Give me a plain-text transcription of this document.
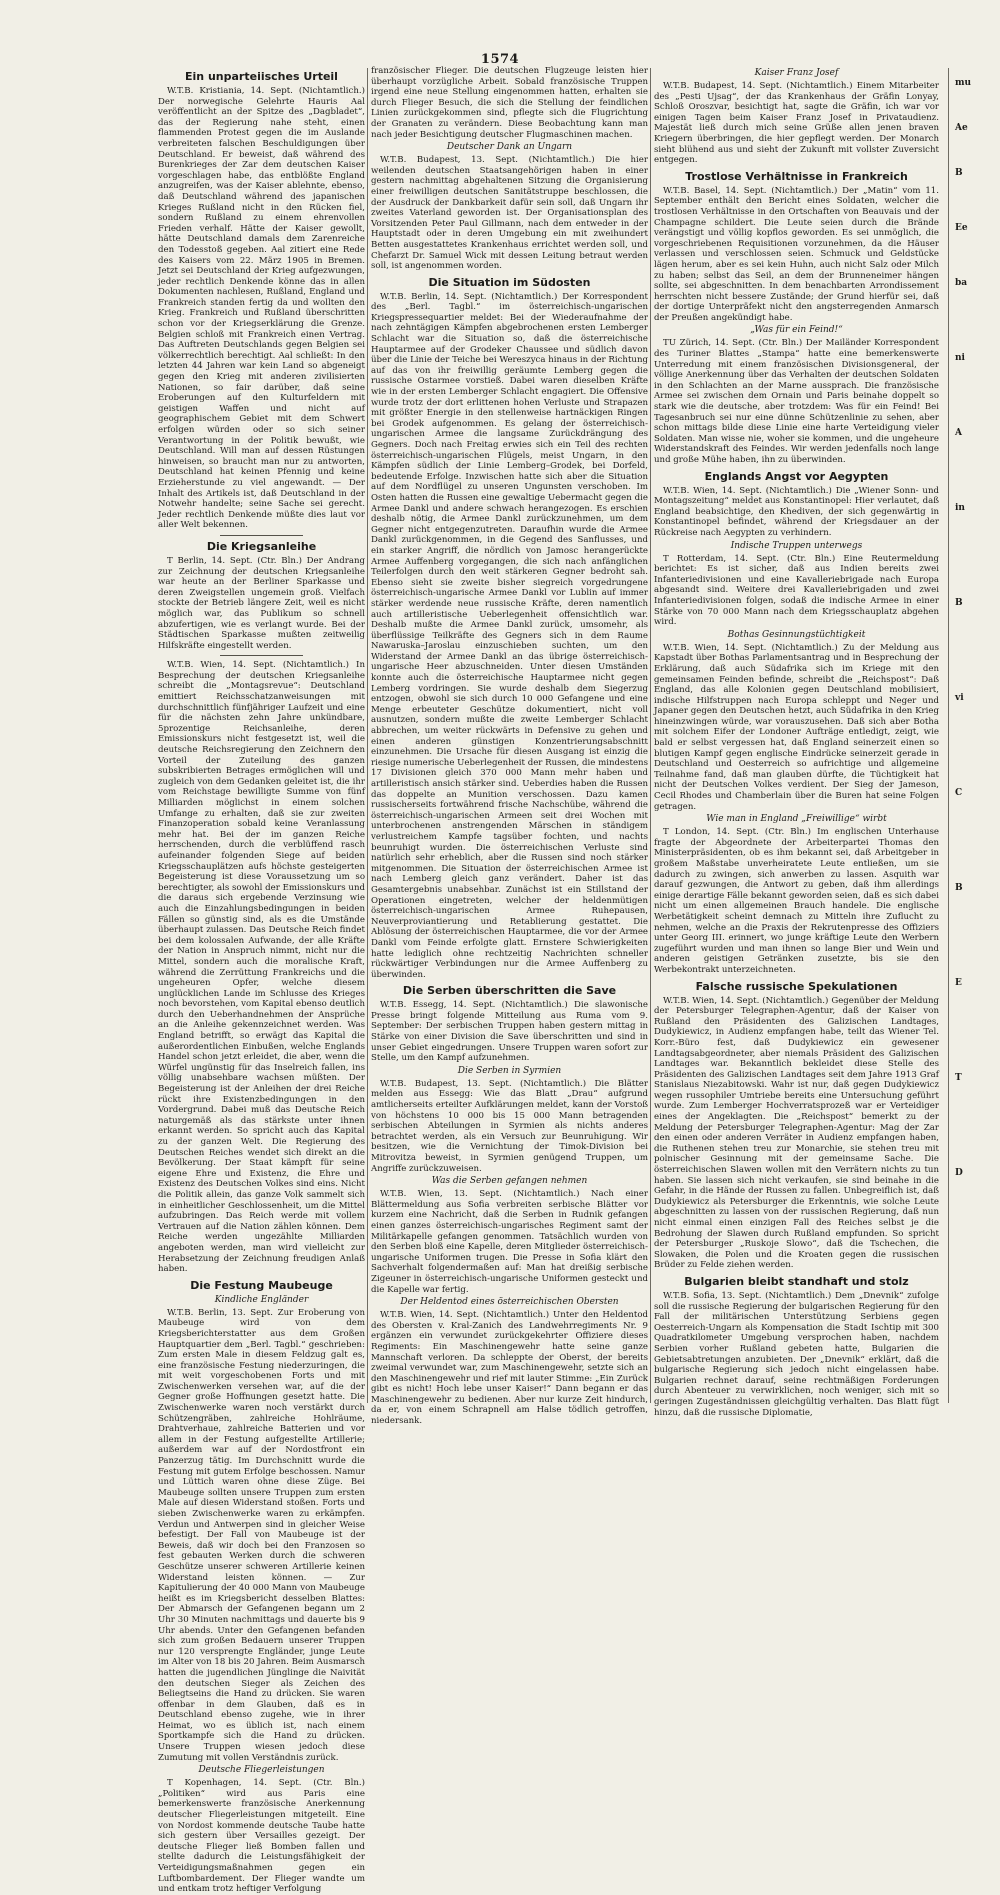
1574
Ein unparteiisches Urteil

W.T.B. Kristiania, 14. Sept. (Nichtamtlich.) Der norwegische Gelehrte Hauris Aal veröffentlicht an der Spitze des „Dagbladet“, das der Regierung nahe steht, einen flammenden Protest gegen die im Auslande verbreiteten falschen Beschuldigungen über Deutschland. Er beweist, daß während des Burenkrieges der Zar dem deutschen Kaiser vorgeschlagen habe, das entblößte England anzugreifen, was der Kaiser ablehnte, ebenso, daß Deutschland während des japanischen Krieges Rußland nicht in den Rücken fiel, sondern Rußland zu einem ehrenvollen Frieden verhalf. Hätte der Kaiser gewollt, hätte Deutschland damals dem Zarenreiche den Todesstoß gegeben. Aal zitiert eine Rede des Kaisers vom 22. März 1905 in Bremen. Jetzt sei Deutschland der Krieg aufgezwungen, jeder rechtlich Denkende könne das in allen Dokumenten nachlesen, Rußland, England und Frankreich standen fertig da und wollten den Krieg. Frankreich und Rußland überschritten schon vor der Kriegserklärung die Grenze. Belgien schloß mit Frankreich einen Vertrag. Das Auftreten Deutschlands gegen Belgien sei völkerrechtlich berechtigt. Aal schließt: In den letzten 44 Jahren war kein Land so abgeneigt gegen den Krieg mit anderen zivilisierten Nationen, so fair darüber, daß seine Eroberungen auf den Kulturfeldern mit geistigen Waffen und nicht auf geographischem Gebiet mit dem Schwert erfolgen würden oder so sich seiner Verantwortung in der Politik bewußt, wie Deutschland. Will man auf dessen Rüstungen hinweisen, so braucht man nur zu antworten, Deutschland hat keinen Pfennig und keine Erzieherstunde zu viel angewandt. — Der Inhalt des Artikels ist, daß Deutschland in der Notwehr handelte; seine Sache sei gerecht. Jeder rechtlich Denkende müßte dies laut vor aller Welt bekennen.

Die Kriegsanleihe

T Berlin, 14. Sept. (Ctr. Bln.) Der Andrang zur Zeichnung der deutschen Kriegsanleihe war heute an der Berliner Sparkasse und deren Zweigstellen ungemein groß. Vielfach stockte der Betrieb längere Zeit, weil es nicht möglich war, das Publikum so schnell abzufertigen, wie es verlangt wurde. Bei der Städtischen Sparkasse mußten zeitweilig Hilfskräfte eingestellt werden.

W.T.B. Wien, 14. Sept. (Nichtamtlich.) In Besprechung der deutschen Kriegsanleihe schreibt die „Montagsrevue“: Deutschland emittiert Reichsschatzanweisungen mit durchschnittlich fünfjähriger Laufzeit und eine für die nächsten zehn Jahre unkündbare, 5prozentige Reichsanleihe, deren Emissionskurs nicht festgesetzt ist, weil die deutsche Reichsregierung den Zeichnern den Vorteil der Zuteilung des ganzen subskribierten Betrages ermöglichen will und zugleich von dem Gedanken geleitet ist, die ihr vom Reichstage bewilligte Summe von fünf Milliarden möglichst in einem solchen Umfange zu erhalten, daß sie zur zweiten Finanzoperation sobald keine Veranlassung mehr hat. Bei der im ganzen Reiche herrschenden, durch die verblüffend rasch aufeinander folgenden Siege auf beiden Kriegsschauplätzen aufs höchste gesteigerten Begeisterung ist diese Voraussetzung um so berechtigter, als sowohl der Emissionskurs und die daraus sich ergebende Verzinsung wie auch die Einzahlungsbedingungen in beiden Fällen so günstig sind, als es die Umstände überhaupt zulassen. Das Deutsche Reich findet bei dem kolossalen Aufwande, der alle Kräfte der Nation in Anspruch nimmt, nicht nur die Mittel, sondern auch die moralische Kraft, während die Zerrüttung Frankreichs und die ungeheuren Opfer, welche diesem unglücklichen Lande im Schlusse des Krieges noch bevorstehen, vom Kapital ebenso deutlich durch den Ueberhandnehmen der Ansprüche an die Anleihe gekennzeichnet werden. Was England betrifft, so erwägt das Kapital die außerordentlichen Einbußen, welche Englands Handel schon jetzt erleidet, die aber, wenn die Würfel ungünstig für das Inselreich fallen, ins völlig unabsehbare wachsen müßten. Der Begeisterung ist der Anleihen der drei Reiche rückt ihre Existenzbedingungen in den Vordergrund. Dabei muß das Deutsche Reich naturgemäß als das stärkste unter ihnen erkannt werden. So spricht auch das Kapital zu der ganzen Welt. Die Regierung des Deutschen Reiches wendet sich direkt an die Bevölkerung. Der Staat kämpft für seine eigene Ehre und Existenz, die Ehre und Existenz des Deutschen Volkes sind eins. Nicht die Politik allein, das ganze Volk sammelt sich in einheitlicher Geschlossenheit, um die Mittel aufzubringen. Das Reich werde mit vollem Vertrauen auf die Nation zählen können. Dem Reiche werden ungezählte Milliarden angeboten werden, man wird vielleicht zur Herabsetzung der Zeichnung freudigen Anlaß haben.

Die Festung Maubeuge
Kindliche Engländer

W.T.B. Berlin, 13. Sept. Zur Eroberung von Maubeuge wird von dem Kriegsberichterstatter aus dem Großen Hauptquartier dem „Berl. Tagbl.“ geschrieben: Zum ersten Male in diesem Feldzug galt es, eine französische Festung niederzuringen, die mit weit vorgeschobenen Forts und mit Zwischenwerken versehen war, auf die der Gegner große Hoffnungen gesetzt hatte. Die Zwischenwerke waren noch verstärkt durch Schützengräben, zahlreiche Hohlräume, Drahtverhaue, zahlreiche Batterien und vor allem in der Festung aufgestellte Artillerie; außerdem war auf der Nordostfront ein Panzerzug tätig. Im Durchschnitt wurde die Festung mit gutem Erfolge beschossen. Namur und Lüttich waren ohne diese Züge. Bei Maubeuge sollten unsere Truppen zum ersten Male auf diesen Widerstand stoßen. Forts und sieben Zwischenwerke waren zu erkämpfen. Verdun und Antwerpen sind in gleicher Weise befestigt. Der Fall von Maubeuge ist der Beweis, daß wir doch bei den Franzosen so fest gebauten Werken durch die schweren Geschütze unserer schweren Artillerie keinen Widerstand leisten können. — Zur Kapitulierung der 40 000 Mann von Maubeuge heißt es im Kriegsbericht desselben Blattes: Der Abmarsch der Gefangenen begann um 2 Uhr 30 Minuten nachmittags und dauerte bis 9 Uhr abends. Unter den Gefangenen befanden sich zum großen Bedauern unserer Truppen nur 120 versprengte Engländer, junge Leute im Alter von 18 bis 20 Jahren. Beim Ausmarsch hatten die jugendlichen Jünglinge die Naivität den deutschen Sieger als Zeichen des Beliegtseins die Hand zu drücken. Sie waren offenbar in dem Glauben, daß es in Deutschland ebenso zugehe, wie in ihrer Heimat, wo es üblich ist, nach einem Sportkampfe sich die Hand zu drücken. Unsere Truppen wiesen jedoch diese Zumutung mit vollen Verständnis zurück.

Deutsche Fliegerleistungen

T Kopenhagen, 14. Sept. (Ctr. Bln.) „Politiken“ wird aus Paris eine bemerkenswerte französische Anerkennung deutscher Fliegerleistungen mitgeteilt. Eine von Nordost kommende deutsche Taube hatte sich gestern über Versailles gezeigt. Der deutsche Flieger ließ Bomben fallen und stellte dadurch die Leistungsfähigkeit der Verteidigungsmaßnahmen gegen ein Luftbombardement. Der Flieger wandte um und entkam trotz heftiger Verfolgung

französischer Flieger. Die deutschen Flugzeuge leisten hier überhaupt vorzügliche Arbeit. Sobald französische Truppen irgend eine neue Stellung eingenommen hatten, erhalten sie durch Flieger Besuch, die sich die Stellung der feindlichen Linien zurückgekommen sind, pflegte sich die Flugrichtung der Granaten zu verändern. Diese Beobachtung kann man nach jeder Besichtigung deutscher Flugmaschinen machen.

Deutscher Dank an Ungarn

W.T.B. Budapest, 13. Sept. (Nichtamtlich.) Die hier weilenden deutschen Staatsangehörigen haben in einer gestern nachmittag abgehaltenen Sitzung die Organisierung einer freiwilligen deutschen Sanitätstruppe beschlossen, die der Ausdruck der Dankbarkeit dafür sein soll, daß Ungarn ihr zweites Vaterland geworden ist. Der Organisationsplan des Vorsitzenden Peter Paul Gillmann, nach dem entweder in der Hauptstadt oder in deren Umgebung ein mit zweihundert Betten ausgestattetes Krankenhaus errichtet werden soll, und Chefarzt Dr. Samuel Wick mit dessen Leitung betraut werden soll, ist angenommen worden.

Die Situation im Südosten

W.T.B. Berlin, 14. Sept. (Nichtamtlich.) Der Korrespondent des „Berl. Tagbl.“ im österreichisch-ungarischen Kriegspressequartier meldet: Bei der Wiederaufnahme der nach zehntägigen Kämpfen abgebrochenen ersten Lemberger Schlacht war die Situation so, daß die österreichische Hauptarmee auf der Grodeker Chaussee und südlich davon über die Linie der Teiche bei Wereszyca hinaus in der Richtung auf das von ihr freiwillig geräumte Lemberg gegen die russische Ostarmee vorstieß. Dabei waren dieselben Kräfte wie in der ersten Lemberger Schlacht engagiert. Die Offensive wurde trotz der dort erlittenen hohen Verluste und Strapazen mit größter Energie in den stellenweise hartnäckigen Ringen bei Grodek aufgenommen. Es gelang der österreichisch-ungarischen Armee die langsame Zurückdrängung des Gegners. Doch nach Freitag erwies sich ein Teil des rechten österreichisch-ungarischen Flügels, meist Ungarn, in den Kämpfen südlich der Linie Lemberg–Grodek, bei Dorfeld, bedeutende Erfolge. Inzwischen hatte sich aber die Situation auf dem Nordflügel zu unseren Ungunsten verschoben. Im Osten hatten die Russen eine gewaltige Uebermacht gegen die Armee Dankl und andere schwach herangezogen. Es erschien deshalb nötig, die Armee Dankl zurückzunehmen, um dem Gegner nicht entgegenzutreten. Daraufhin wurde die Armee Dankl zurückgenommen, in die Gegend des Sanflusses, und ein starker Angriff, die nördlich von Jamosc herangerückte Armee Auffenberg vorgegangen, die sich nach anfänglichen Teilerfolgen durch den weit stärkeren Gegner bedroht sah. Ebenso sieht sie zweite bisher siegreich vorgedrungene österreichisch-ungarische Armee Dankl vor Lublin auf immer stärker werdende neue russische Kräfte, deren namentlich auch artilleristische Ueberlegenheit offensichtlich war. Deshalb mußte die Armee Dankl zurück, umsomehr, als überflüssige Teilkräfte des Gegners sich in dem Raume Nawaruska–Jaroslau einzuschieben suchten, um den Widerstand der Armee Dankl an das übrige österreichisch-ungarische Heer abzuschneiden. Unter diesen Umständen konnte auch die österreichische Hauptarmee nicht gegen Lemberg vordringen. Sie wurde deshalb dem Siegerzug entzogen, obwohl sie sich durch 10 000 Gefangene und eine Menge erbeuteter Geschütze dokumentiert, nicht voll ausnutzen, sondern mußte die zweite Lemberger Schlacht abbrechen, um weiter rückwärts in Defensive zu gehen und einen anderen günstigen Konzentrierungsabschnitt einzunehmen. Die Ursache für diesen Ausgang ist einzig die riesige numerische Ueberlegenheit der Russen, die mindestens 17 Divisionen gleich 370 000 Mann mehr haben und artilleristisch ansich stärker sind. Ueberdies haben die Russen das doppelte an Munition verschossen. Dazu kamen russischerseits fortwährend frische Nachschübe, während die österreichisch-ungarischen Armeen seit drei Wochen mit unterbrochenen anstrengenden Märschen in ständigem verlustreichem Kampfe tagsüber fochten, und nachts beunruhigt wurden. Die österreichischen Verluste sind natürlich sehr erheblich, aber die Russen sind noch stärker mitgenommen. Die Situation der österreichischen Armee ist nach Lemberg gleich ganz verändert. Daher ist das Gesamtergebnis unabsehbar. Zunächst ist ein Stillstand der Operationen eingetreten, welcher der heldenmütigen österreichisch-ungarischen Armee Ruhepausen, Neuverproviantierung und Retablierung gestattet. Die Ablösung der österreichischen Hauptarmee, die vor der Armee Dankl vom Feinde erfolgte glatt. Ernstere Schwierigkeiten hatte lediglich ohne rechtzeitig Nachrichten schneller rückwärtiger Verbindungen nur die Armee Auffenberg zu überwinden.

Die Serben überschritten die Save

W.T.B. Essegg, 14. Sept. (Nichtamtlich.) Die slawonische Presse bringt folgende Mitteilung aus Ruma vom 9. September: Der serbischen Truppen haben gestern mittag in Stärke von einer Division die Save überschritten und sind in unser Gebiet eingedrungen. Unsere Truppen waren sofort zur Stelle, um den Kampf aufzunehmen.

Die Serben in Syrmien

W.T.B. Budapest, 13. Sept. (Nichtamtlich.) Die Blätter melden aus Essegg: Wie das Blatt „Drau“ aufgrund amtlicherseits erteilter Aufklärungen meldet, kann der Vorstoß von höchstens 10 000 bis 15 000 Mann betragenden serbischen Abteilungen in Syrmien als nichts anderes betrachtet werden, als ein Versuch zur Beunruhigung. Wir besitzen, wie die Vernichtung der Timok-Division bei Mitrovitza beweist, in Syrmien genügend Truppen, um Angriffe zurückzuweisen.

Was die Serben gefangen nehmen

W.T.B. Wien, 13. Sept. (Nichtamtlich.) Nach einer Blättermeldung aus Sofia verbreiten serbische Blätter vor kurzem eine Nachricht, daß die Serben in Rudnik gefangen einen ganzes österreichisch-ungarisches Regiment samt der Militärkapelle gefangen genommen. Tatsächlich wurden von den Serben bloß eine Kapelle, deren Mitglieder österreichisch-ungarische Uniformen trugen. Die Presse in Sofia klärt den Sachverhalt folgendermaßen auf: Man hat dreißig serbische Zigeuner in österreichisch-ungarische Uniformen gesteckt und die Kapelle war fertig.

Der Heldentod eines österreichischen Obersten

W.T.B. Wien, 14. Sept. (Nichtamtlich.) Unter den Heldentod des Obersten v. Kral-Zanich des Landwehrregiments Nr. 9 ergänzen ein verwundet zurückgekehrter Offiziere dieses Regiments: Ein Maschinengewehr hatte seine ganze Mannschaft verloren. Da schleppte der Oberst, der bereits zweimal verwundet war, zum Maschinengewehr, setzte sich an den Maschinengewehr und rief mit lauter Stimme: „Ein Zurück gibt es nicht! Hoch lebe unser Kaiser!“ Dann begann er das Maschinengewehr zu bedienen. Aber nur kurze Zeit hindurch, da er, von einem Schrapnell am Halse tödlich getroffen, niedersank.

Kaiser Franz Josef

W.T.B. Budapest, 14. Sept. (Nichtamtlich.) Einem Mitarbeiter des „Pesti Ujsag“, der das Krankenhaus der Gräfin Lonyay, Schloß Oroszvar, besichtigt hat, sagte die Gräfin, ich war vor einigen Tagen beim Kaiser Franz Josef in Privataudienz. Majestät ließ durch mich seine Grüße allen jenen braven Kriegern überbringen, die hier gepflegt werden. Der Monarch sieht blühend aus und sieht der Zukunft mit vollster Zuversicht entgegen.

Trostlose Verhältnisse in Frankreich

W.T.B. Basel, 14. Sept. (Nichtamtlich.) Der „Matin“ vom 11. September enthält den Bericht eines Soldaten, welcher die trostlosen Verhältnisse in den Ortschaften von Beauvais und der Champagne schildert. Die Leute seien durch die Brände verängstigt und völlig kopflos geworden. Es sei unmöglich, die vorgeschriebenen Requisitionen vorzunehmen, da die Häuser verlassen und verschlossen seien. Schmuck und Geldstücke lägen herum, aber es sei kein Huhn, auch nicht Salz oder Milch zu haben; selbst das Seil, an dem der Brunneneimer hängen sollte, sei abgeschnitten. In dem benachbarten Arrondissement herrschten nicht bessere Zustände; der Grund hierfür sei, daß der dortige Unterpräfekt nicht den angsterregenden Anmarsch der Preußen angekündigt habe.

„Was für ein Feind!“

TU Zürich, 14. Sept. (Ctr. Bln.) Der Mailänder Korrespondent des Turiner Blattes „Stampa“ hatte eine bemerkenswerte Unterredung mit einem französischen Divisionsgeneral, der völlige Anerkennung über das Verhalten der deutschen Soldaten in den Schlachten an der Marne aussprach. Die französische Armee sei zwischen dem Ornain und Paris beinahe doppelt so stark wie die deutsche, aber trotzdem: Was für ein Feind! Bei Tagesanbruch sei nur eine dünne Schützenlinie zu sehen, aber schon mittags bilde diese Linie eine harte Verteidigung vieler Soldaten. Man wisse nie, woher sie kommen, und die ungeheure Widerstandskraft des Feindes. Wir werden jedenfalls noch lange und große Mühe haben, ihn zu überwinden.

Englands Angst vor Aegypten

W.T.B. Wien, 14. Sept. (Nichtamtlich.) Die „Wiener Sonn- und Montagszeitung“ meldet aus Konstantinopel: Hier verlautet, daß England beabsichtige, den Khediven, der sich gegenwärtig in Konstantinopel befindet, während der Kriegsdauer an der Rückreise nach Aegypten zu verhindern.

Indische Truppen unterwegs

T Rotterdam, 14. Sept. (Ctr. Bln.) Eine Reutermeldung berichtet: Es ist sicher, daß aus Indien bereits zwei Infanteriedivisionen und eine Kavalleriebrigade nach Europa abgesandt sind. Weitere drei Kavalleriebrigaden und zwei Infanteriedivisionen folgen, sodaß die indische Armee in einer Stärke von 70 000 Mann nach dem Kriegsschauplatz abgehen wird.

Bothas Gesinnungstüchtigkeit

W.T.B. Wien, 14. Sept. (Nichtamtlich.) Zu der Meldung aus Kapstadt über Bothas Parlamentsantrag und in Besprechung der Erklärung, daß auch Südafrika sich im Kriege mit den gemeinsamen Feinden befinde, schreibt die „Reichspost“: Daß England, das alle Kolonien gegen Deutschland mobilisiert, indische Hilfstruppen nach Europa schleppt und Neger und Japaner gegen den Deutschen hetzt, auch Südafrika in den Krieg hineinzwingen würde, war vorauszusehen. Daß sich aber Botha mit solchem Eifer der Londoner Aufträge entledigt, zeigt, wie bald er selbst vergessen hat, daß England seinerzeit einen so blutigen Kampf gegen englische Eindrücke seinerzeit gerade in Deutschland und Oesterreich so aufrichtige und allgemeine Teilnahme fand, daß man glauben dürfte, die Tüchtigkeit hat nicht der Deutschen Volkes verdient. Der Sieg der Jameson, Cecil Rhodes und Chamberlain über die Buren hat seine Folgen getragen.

Wie man in England „Freiwillige“ wirbt

T London, 14. Sept. (Ctr. Bln.) Im englischen Unterhause fragte der Abgeordnete der Arbeiterpartei Thomas den Ministerpräsidenten, ob es ihm bekannt sei, daß Arbeitgeber in großem Maßstabe unverheiratete Leute entließen, um sie dadurch zu zwingen, sich anwerben zu lassen. Asquith war darauf gezwungen, die Antwort zu geben, daß ihm allerdings einige derartige Fälle bekannt geworden seien, daß es sich dabei nicht um einen allgemeinen Brauch handele. Die englische Werbetätigkeit scheint demnach zu Mitteln ihre Zuflucht zu nehmen, welche an die Praxis der Rekrutenpresse des Offiziers unter Georg III. erinnert, wo junge kräftige Leute den Werbern zugeführt wurden und man ihnen so lange Bier und Wein und anderen geistigen Getränken zusetzte, bis sie den Werbekontrakt unterzeichneten.

Falsche russische Spekulationen

W.T.B. Wien, 14. Sept. (Nichtamtlich.) Gegenüber der Meldung der Petersburger Telegraphen-Agentur, daß der Kaiser von Rußland den Präsidenten des Galizischen Landtages, Dudykiewicz, in Audienz empfangen habe, teilt das Wiener Tel. Korr.-Büro fest, daß Dudykiewicz ein gewesener Landtagsabgeordneter, aber niemals Präsident des Galizischen Landtages war. Bekanntlich bekleidet diese Stelle des Präsidenten des Galizischen Landtages seit dem Jahre 1913 Graf Stanislaus Niezabitowski. Wahr ist nur, daß gegen Dudykiewicz wegen russophiler Umtriebe bereits eine Untersuchung geführt wurde. Zum Lemberger Hochverratsprozeß war er Verteidiger eines der Angeklagten. Die „Reichspost“ bemerkt zu der Meldung der Petersburger Telegraphen-Agentur: Mag der Zar den einen oder anderen Verräter in Audienz empfangen haben, die Ruthenen stehen treu zur Monarchie, sie stehen treu mit polnischer Gesinnung mit der gemeinsame Sache. Die österreichischen Slawen wollen mit den Verrätern nichts zu tun haben. Sie lassen sich nicht verkaufen, sie sind beinahe in die Gefahr, in die Hände der Russen zu fallen. Unbegreiflich ist, daß Dudykiewicz als Petersburger die Erkenntnis, wie solche Leute abgeschnitten zu lassen von der russischen Regierung, daß nun nicht einmal einen einzigen Fall des Reiches selbst je die Bedrohung der Slawen durch Rußland empfunden. So spricht der Petersburger „Ruskoje Slowo“, daß die Tschechen, die Slowaken, die Polen und die Kroaten gegen die russischen Brüder zu Felde ziehen werden.

Bulgarien bleibt standhaft und stolz

W.T.B. Sofia, 13. Sept. (Nichtamtlich.) Dem „Dnevnik“ zufolge soll die russische Regierung der bulgarischen Regierung für den Fall der militärischen Unterstützung Serbiens gegen Oesterreich-Ungarn als Kompensation die Stadt Ischtip mit 300 Quadratkilometer Umgebung versprochen haben, nachdem Serbien vorher Rußland gebeten hatte, Bulgarien die Gebietsabtretungen anzubieten. Der „Dnevnik“ erklärt, daß die bulgarische Regierung sich jedoch nicht eingelassen habe. Bulgarien rechnet darauf, seine rechtmäßigen Forderungen durch Abenteuer zu verwirklichen, noch weniger, sich mit so geringen Zugeständnissen gleichgültig verhalten. Das Blatt fügt hinzu, daß die russische Diplomatie,

mu
Ae
B
Ee
ba
ni
A
in
B
vi
C
B
E
T
D
